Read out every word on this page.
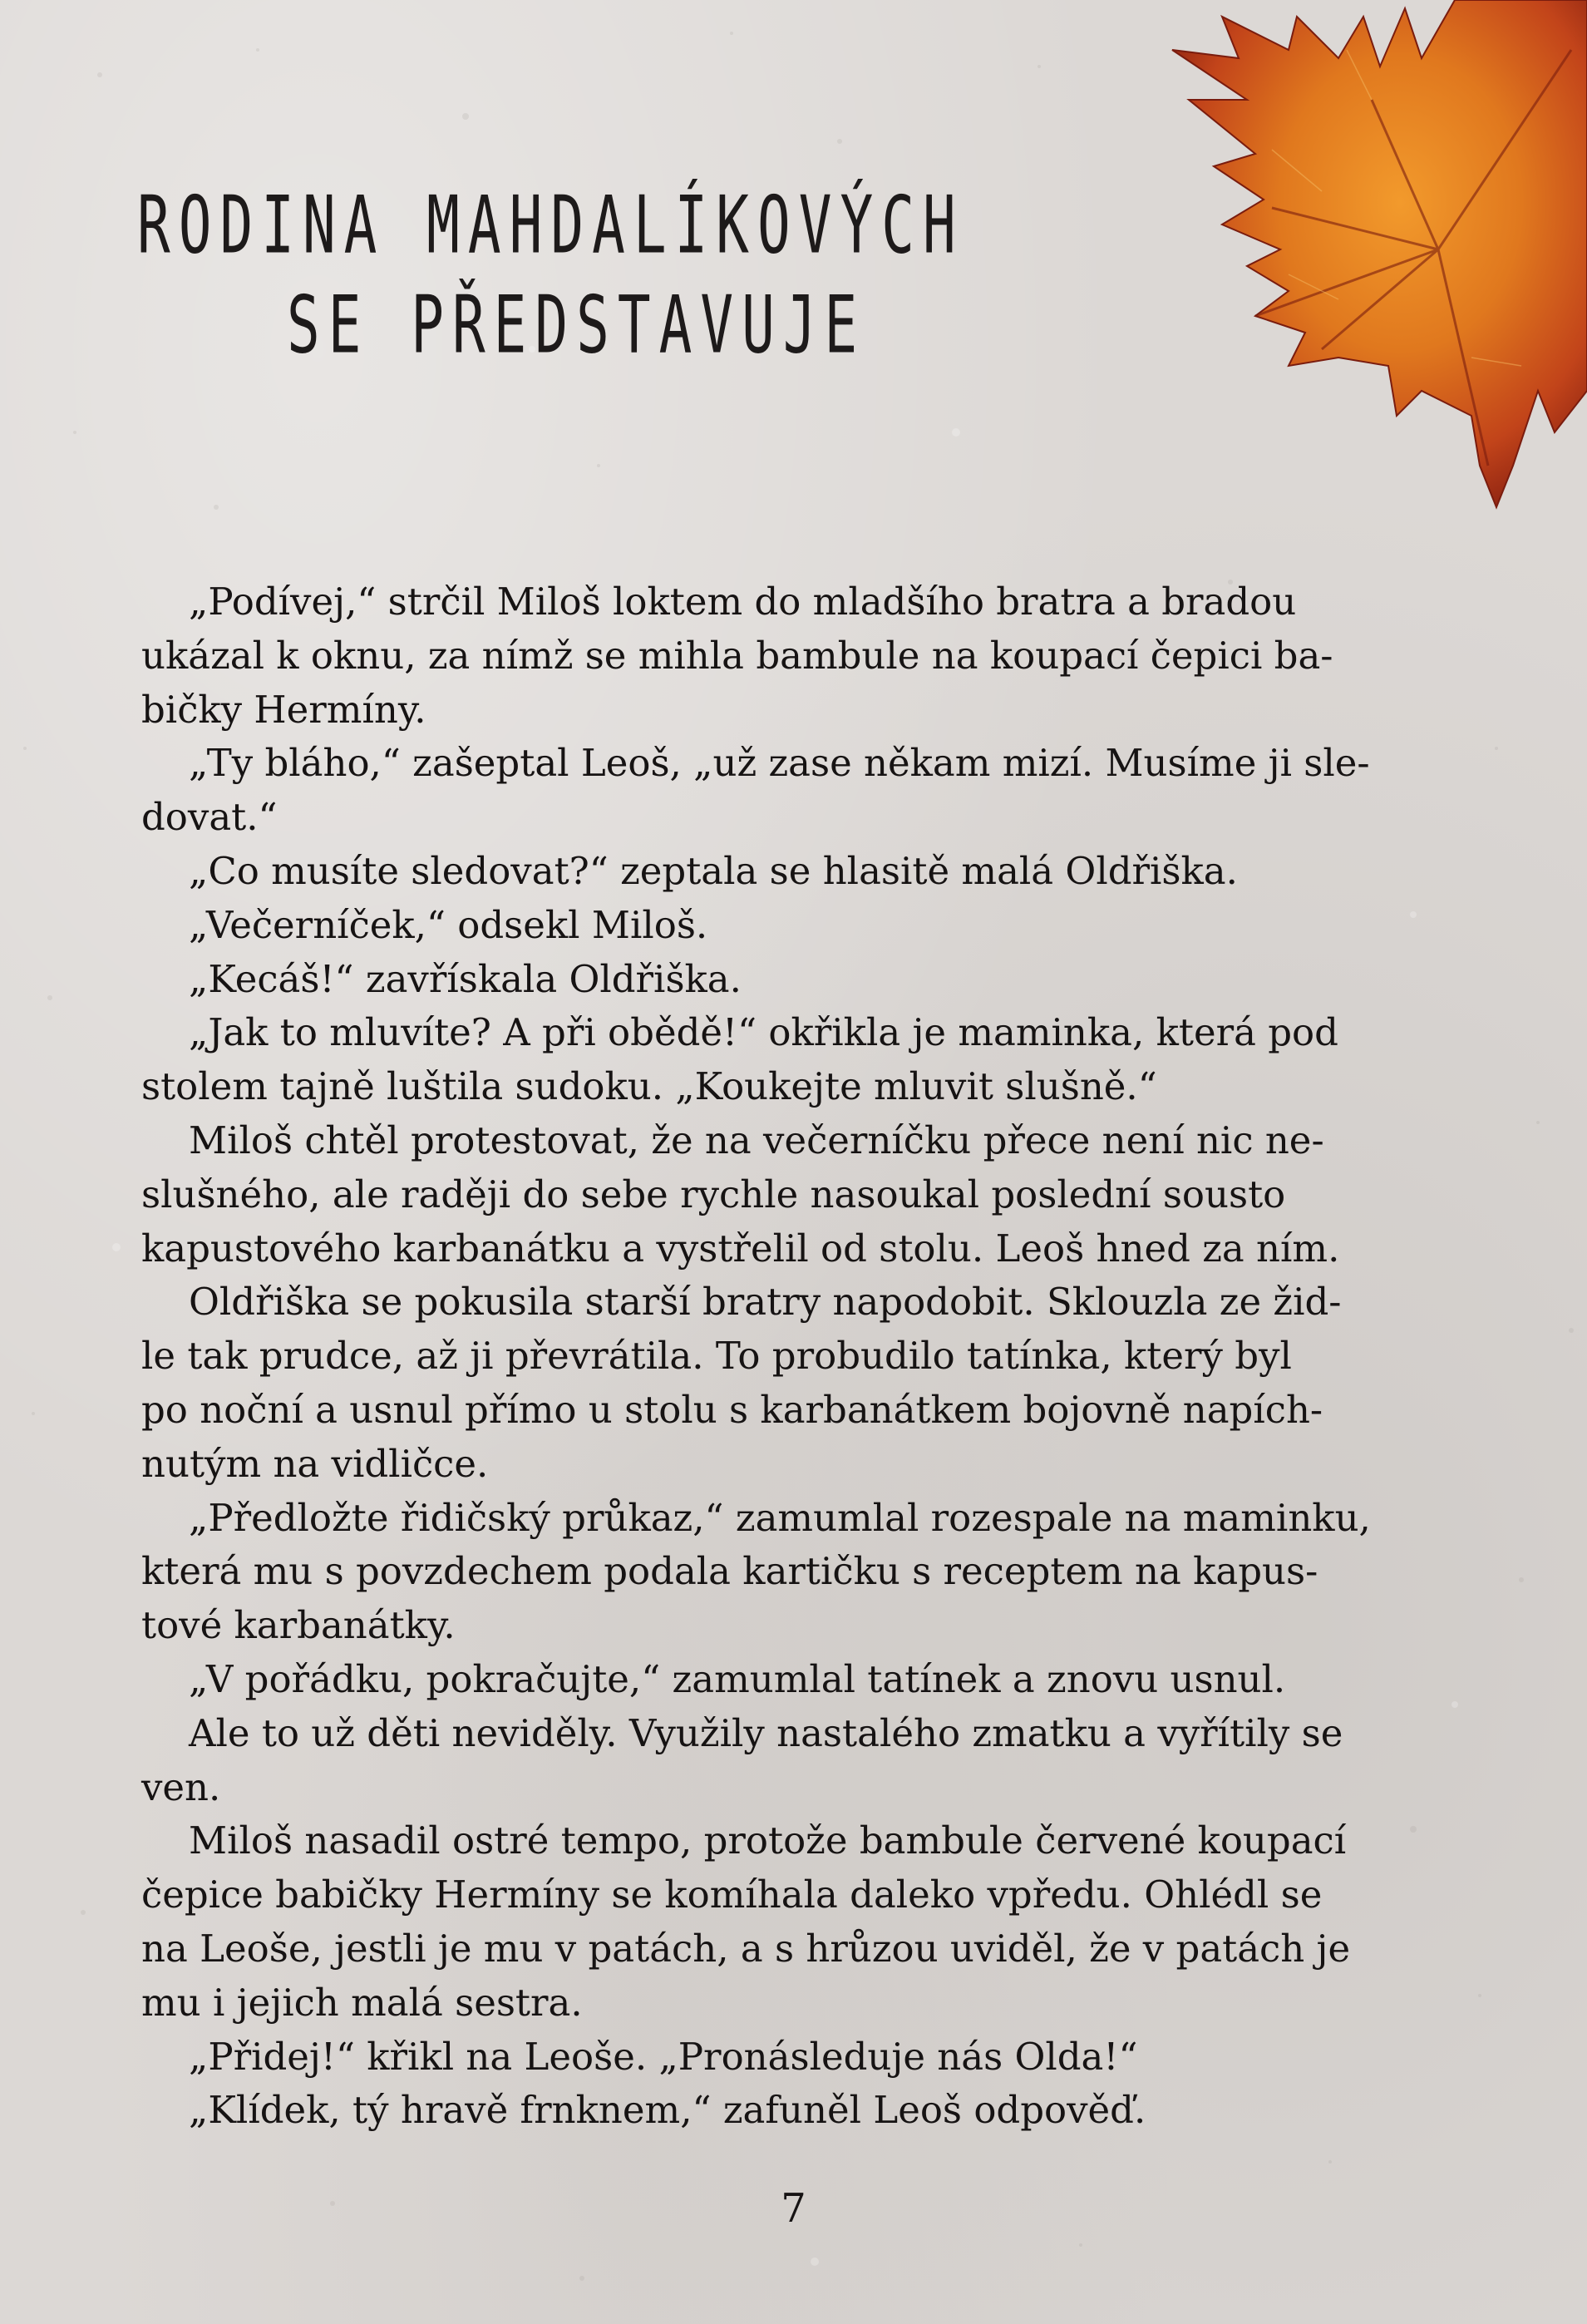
RODINA MAHDALÍKOVÝCH
SE PŘEDSTAVUJE
„Podívej,“ strčil Miloš loktem do mladšího bratra a bradou
ukázal k oknu, za nímž se mihla bambule na koupací čepici ba-
bičky Hermíny.
„Ty bláho,“ zašeptal Leoš, „už zase někam mizí. Musíme ji sle-
dovat.“
„Co musíte sledovat?“ zeptala se hlasitě malá Oldřiška.
„Večerníček,“ odsekl Miloš.
„Kecáš!“ zavřískala Oldřiška.
„Jak to mluvíte? A při obědě!“ okřikla je maminka, která pod
stolem tajně luštila sudoku. „Koukejte mluvit slušně.“
Miloš chtěl protestovat, že na večerníčku přece není nic ne-
slušného, ale raději do sebe rychle nasoukal poslední sousto
kapustového karbanátku a vystřelil od stolu. Leoš hned za ním.
Oldřiška se pokusila starší bratry napodobit. Sklouzla ze žid-
le tak prudce, až ji převrátila. To probudilo tatínka, který byl
po noční a usnul přímo u stolu s karbanátkem bojovně napích-
nutým na vidličce.
„Předložte řidičský průkaz,“ zamumlal rozespale na maminku,
která mu s povzdechem podala kartičku s receptem na kapus-
tové karbanátky.
„V pořádku, pokračujte,“ zamumlal tatínek a znovu usnul.
Ale to už děti neviděly. Využily nastalého zmatku a vyřítily se
ven.
Miloš nasadil ostré tempo, protože bambule červené koupací
čepice babičky Hermíny se komíhala daleko vpředu. Ohlédl se
na Leoše, jestli je mu v patách, a s hrůzou uviděl, že v patách je
mu i jejich malá sestra.
„Přidej!“ křikl na Leoše. „Pronásleduje nás Olda!“
„Klídek, tý hravě frnknem,“ zafuněl Leoš odpověď.
7
